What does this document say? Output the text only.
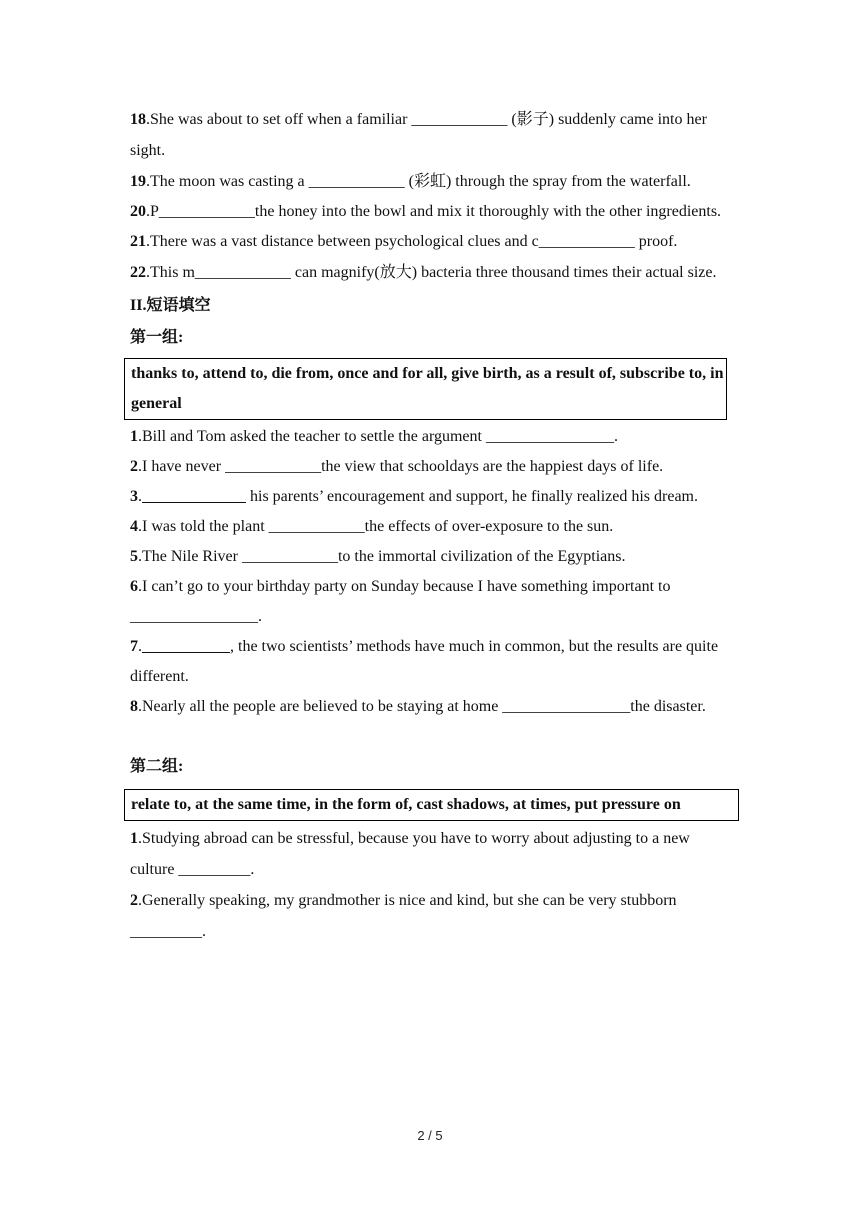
18.She was about to set off when a familiar ____________ (影子) suddenly came into her sight.

19.The moon was casting a ____________ (彩虹) through the spray from the waterfall.

20.P____________the honey into the bowl and mix it thoroughly with the other ingredients.

21.There was a vast distance between psychological clues and c____________ proof.

22.This m____________ can magnify(放大) bacteria three thousand times their actual size.

II.短语填空

第一组:

thanks to, attend to, die from, once and for all, give birth, as a result of, subscribe to, in general

1.Bill and Tom asked the teacher to settle the argument ________________.

2.I have never ____________the view that schooldays are the happiest days of life.

3.	his parents’ encouragement and support, he finally realized his dream.

4.I was told the plant ____________the effects of over-exposure to the sun.

5.The Nile River ____________to the immortal civilization of the Egyptians.

6.I can’t go to your birthday party on Sunday because I have something important to ________________.

7.	, the two scientists’ methods have much in common, but the results are quite different.

8.Nearly all the people are believed to be staying at home ________________the disaster.

第二组:

relate to, at the same time, in the form of, cast shadows, at times, put pressure on

1.Studying abroad can be stressful, because you have to worry about adjusting to a new culture _________.

2.Generally speaking, my grandmother is nice and kind, but she can be very stubborn _________.

2 / 5
